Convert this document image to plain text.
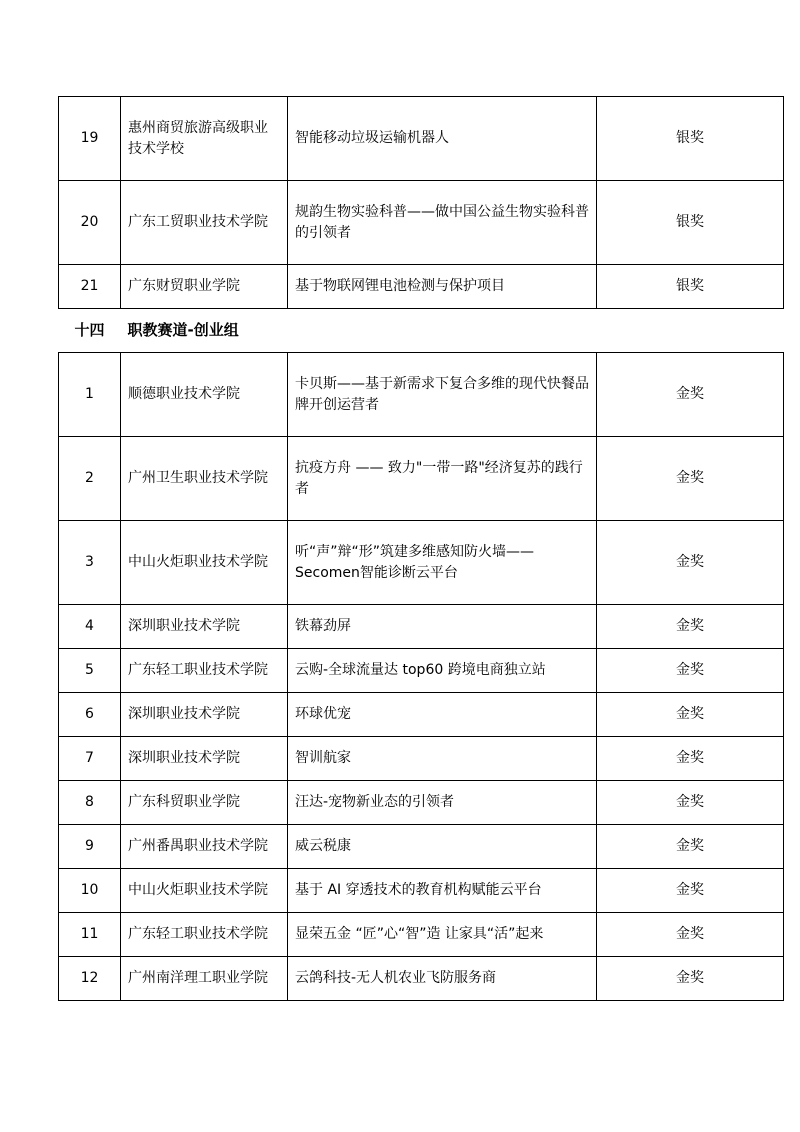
19	惠州商贸旅游高级职业技术学校	智能移动垃圾运输机器人	银奖
20	广东工贸职业技术学院	规韵生物实验科普——做中国公益生物实验科普的引领者	银奖
21	广东财贸职业学院	基于物联网锂电池检测与保护项目	银奖
十四	职教赛道-创业组		
1	顺德职业技术学院	卡贝斯——基于新需求下复合多维的现代快餐品牌开创运营者	金奖
2	广州卫生职业技术学院	抗疫方舟 —— 致力"一带一路"经济复苏的践行者	金奖
3	中山火炬职业技术学院	听“声”辩“形”筑建多维感知防火墙——Secomen智能诊断云平台	金奖
4	深圳职业技术学院	铁幕劲屏	金奖
5	广东轻工职业技术学院	云购-全球流量达 top60 跨境电商独立站	金奖
6	深圳职业技术学院	环球优宠	金奖
7	深圳职业技术学院	智训航家	金奖
8	广东科贸职业学院	汪达-宠物新业态的引领者	金奖
9	广州番禺职业技术学院	威云税康	金奖
10	中山火炬职业技术学院	基于 AI 穿透技术的教育机构赋能云平台	金奖
11	广东轻工职业技术学院	显荣五金 “匠”心“智”造 让家具“活”起来	金奖
12	广州南洋理工职业学院	云鸽科技-无人机农业飞防服务商	金奖
